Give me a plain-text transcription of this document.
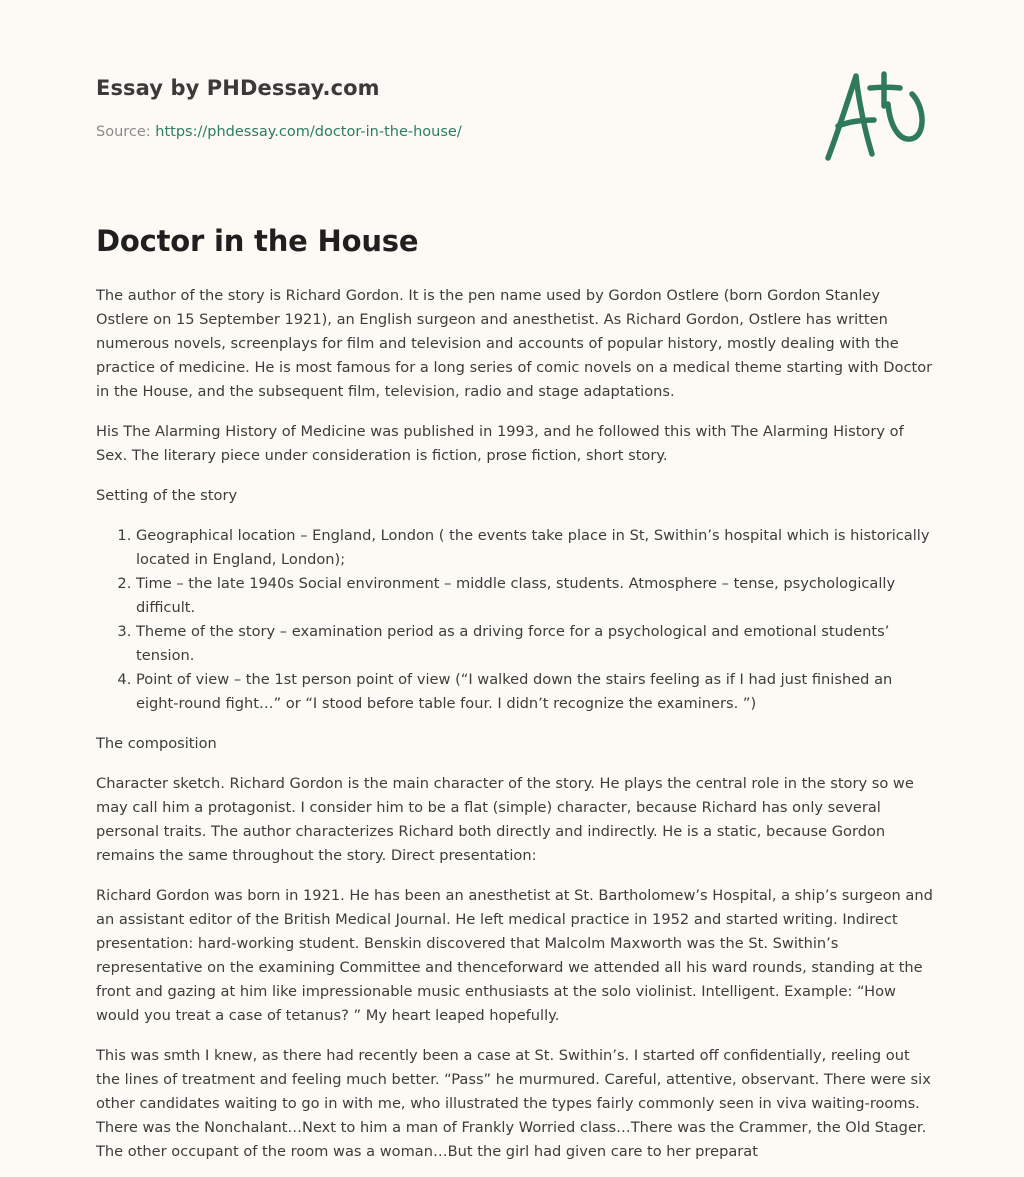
Essay by PHDessay.com
Source: https://phdessay.com/doctor-in-the-house/
Doctor in the House

The author of the story is Richard Gordon. It is the pen name used by Gordon Ostlere (born Gordon Stanley Ostlere on 15 September 1921), an English surgeon and anesthetist. As Richard Gordon, Ostlere has written numerous novels, screenplays for film and television and accounts of popular history, mostly dealing with the practice of medicine. He is most famous for a long series of comic novels on a medical theme starting with Doctor in the House, and the subsequent film, television, radio and stage adaptations.

His The Alarming History of Medicine was published in 1993, and he followed this with The Alarming History of Sex. The literary piece under consideration is fiction, prose fiction, short story.

Setting of the story

1. Geographical location – England, London ( the events take place in St, Swithin’s hospital which is historically located in England, London);
2. Time – the late 1940s Social environment – middle class, students. Atmosphere – tense, psychologically difficult.
3. Theme of the story – examination period as a driving force for a psychological and emotional students’ tension.
4. Point of view – the 1st person point of view (“I walked down the stairs feeling as if I had just finished an eight-round fight…” or “I stood before table four. I didn’t recognize the examiners. ”)

The composition

Character sketch. Richard Gordon is the main character of the story. He plays the central role in the story so we may call him a protagonist. I consider him to be a flat (simple) character, because Richard has only several personal traits. The author characterizes Richard both directly and indirectly. He is a static, because Gordon remains the same throughout the story. Direct presentation:

Richard Gordon was born in 1921. He has been an anesthetist at St. Bartholomew’s Hospital, a ship’s surgeon and an assistant editor of the British Medical Journal. He left medical practice in 1952 and started writing. Indirect presentation: hard-working student. Benskin discovered that Malcolm Maxworth was the St. Swithin’s representative on the examining Committee and thenceforward we attended all his ward rounds, standing at the front and gazing at him like impressionable music enthusiasts at the solo violinist. Intelligent. Example: “How would you treat a case of tetanus? ” My heart leaped hopefully.

This was smth I knew, as there had recently been a case at St. Swithin’s. I started off confidentially, reeling out the lines of treatment and feeling much better. “Pass” he murmured. Careful, attentive, observant. There were six other candidates waiting to go in with me, who illustrated the types fairly commonly seen in viva waiting-rooms. There was the Nonchalant…Next to him a man of Frankly Worried class…There was the Crammer, the Old Stager. The other occupant of the room was a woman…But the girl had given care to her preparat
